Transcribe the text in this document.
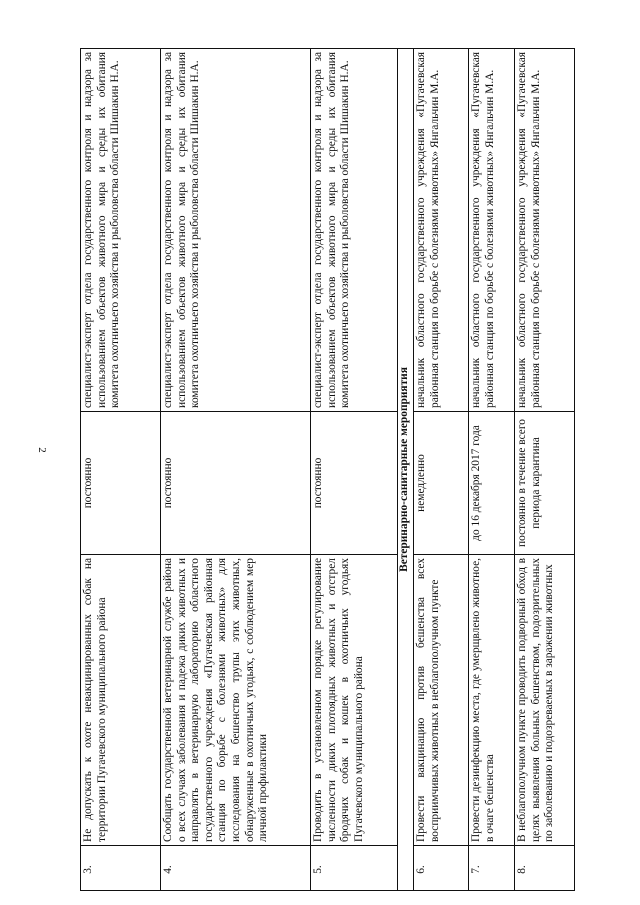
2
3.	Не допускать к охоте невакцинированных собак на территории Пугачевского муниципального района	постоянно	специалист-эксперт отдела государственного контроля и надзора за использованием объектов животного мира и среды их обитания комитета охотничьего хозяйства и рыболовства области Шишакин Н.А.
4.	Сообщать государственной ветеринарной службе района о всех случаях заболевания и падежа диких животных и направлять в ветеринарную лабораторию областного государственного учреждения «Пугачевская районная станция по борьбе с болезнями животных» для исследования на бешенство трупы этих животных, обнаруженные в охотничьих угодьях, с соблюдением мер личной профилактики	постоянно	специалист-эксперт отдела государственного контроля и надзора за использованием объектов животного мира и среды их обитания комитета охотничьего хозяйства и рыболовства области Шишакин Н.А.
5.	Проводить в установленном порядке регулирование численности диких плотоядных животных и отстрел бродячих собак и кошек в охотничьих угодьях Пугачевского муниципального района	постоянно	специалист-эксперт отдела государственного контроля и надзора за использованием объектов животного мира и среды их обитания комитета охотничьего хозяйства и рыболовства области Шишакин Н.А.
Ветеринарно-санитарные мероприятия			
6.	Провести вакцинацию против бешенства всех восприимчивых животных в неблагополучном пункте	немедленно	начальник областного государственного учреждения «Пугачевская районная станция по борьбе с болезнями животных» Янгальчин М.А.
7.	Провести дезинфекцию места, где умерщвлено животное, в очаге бешенства	до 16 декабря 2017 года	начальник областного государственного учреждения «Пугачевская районная станция по борьбе с болезнями животных» Янгальчин М.А.
8.	В неблагополучном пункте проводить подворный обход в целях выявления больных бешенством, подозрительных по заболеванию и подозреваемых в заражении животных	постоянно в течение всего периода карантина	начальник областного государственного учреждения «Пугачевская районная станция по борьбе с болезнями животных» Янгальчин М.А.
